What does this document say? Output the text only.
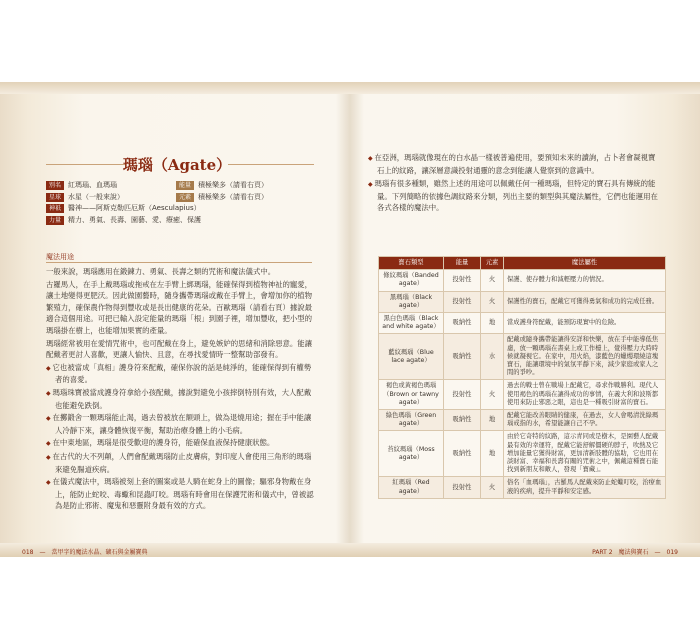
瑪瑙（Agate）
別名 紅瑪瑙、血瑪瑙	能量 積極樂多（請看右頁）
星球 水星（一般來說）	元素 積極樂多（請看右頁）
神祇 醫神——阿斯克勒匹厄斯（Aesculapius）
力量 精力、勇氣、長壽、園藝、愛、療癒、保護
魔法用途

一般來說，瑪瑙應用在鍛鍊力、勇氣、長壽之類的咒術和魔法儀式中。

古羅馬人，在手上戴瑪瑙或拖戒在左手臂上綁瑪瑙，能確保得到植物神祉的寵愛，讓土地變得更肥沃。因此做園藝時，隨身攜帶瑪瑙或戴在手臂上，會增加你的植物繁殖力，確保農作物得到豐收或是長出健康的花朵。百歐瑪瑙（請看右頁）據說最適合這個用途。可把已輸入設定能量的瑪瑙「根」到園子裡，增加豐收，把小型的瑪瑙掛在樹上，也能增加果實的產量。

瑪瑙經常被用在愛情咒術中，也可配戴在身上，避免嫉妒的思緒和消除惡意。能讓配戴者更討人喜歡，更讓人愉快、且意，在尋找愛情時一整幫助部發有。

◆ 它也被當成「真相」護身符來配戴，確保你說的話是純淨的，能確保得到有權勢者的喜愛。

◆ 瑪瑙珠寶被當成護身符拿給小孩配戴，據說對避免小孩摔倒特別有效，大人配戴也能避免跌倒。

◆ 在擲鍛舍一顆瑪瑙能止渴，過去曾被放在額頭上，做為退燒用途；握在手中能讓人冷靜下來，讓身體恢復平衡，幫助治療身體上的小毛病。

◆ 在中東地區，瑪瑙是很受歡迎的護身符，能確保血液保持健康狀態。

◆ 在古代的大不列顛，人們會配戴瑪瑙防止皮膚病，對印度人會使用三角形的瑪瑙來避免腸道疾病。

◆ 在儀式魔法中，瑪瑙被刻上套的圖案或是人騎在蛇身上的圖像；驅邪身物戴在身上，能防止蛇咬、毒蠍和昆蟲叮咬。瑪瑙有時會用在保護咒術和儀式中，曾被認為是防止邪術、魔鬼和惡靈附身最有效的方式。

018　—　當甲字的魔法水晶、礦石與金屬寶典

◆ 在亞洲，瑪瑙就像現在的白水晶一樣被普遍使用，要預知未來的讀詢，占卜者會凝視寶石上的紋路，讓深層意識投射通靈的意念到能讓人覺察到的意識中。

◆ 瑪瑙有很多種類，雖然上述的用途可以佩戴任何一種瑪瑙，但特定的寶石具有傳統的能量。下列簡略的依據色調紋路來分類，列出主要的類型與其魔法屬性，它們也能運用在各式各樣的魔法中。

寶石類型	能量	元素	魔法屬性
條紋瑪瑙（Banded agate）	投射性	火	保護、使存體力和減輕壓力的情況。
黑瑪瑙（Black agate）	投射性	火	保護性的寶石，配戴它可獲得勇氣和成功的完成任務。
黑白色瑪瑙（Black and white agate）	吸納性	地	當成護身符配戴，能預防現實中的危險。
藍紋瑪瑙（Blue lace agate）	吸納性	水	配戴或隨身攜帶能讓得安詳和快樂，放在手中能導低焦慮，放一顆瑪瑙在書桌上或工作檯上，覺得壓力大時時候就凝視它。在家中，用火焰，漆藍色的蠟燭環繞這塊寶石，能讓環境中的氣氛平靜下來，減少家庭或家人之間的爭吵。
褐色或黃褐色瑪瑙（Brown or tawny agate）	投射性	火	過去的戰士曾在戰場上配戴它，尋求作戰勝利。現代人使用褐色的瑪瑙在讓得成功的事情，在義大利和波斯都使用來防止邪惡之眼，這也是一種吸引財富的寶石。
綠色瑪瑙（Green agate）	吸納性	地	配戴它能改善眼睛的健康，在過去，女人會喝清洗綠瑪瑙戒指的水，希望能讓自己不孕。
苔紋瑪瑙（Moss agate）	吸納性	地	由於它奇特的紋路，這示青同或是樹木，是園藝人配戴最有效的幸運符，配戴它能舒解僵硬的脖子，吹熱及它增加能量它獲得財富，更加清新肢體的協助，它也用在談財富、幸福和長壽有關的咒術之中，佩戴這種寶石能找到新朋友和敵人，發現「寶藏」。
紅瑪瑙（Red agate）	投射性	火	俗名「血瑪瑙」，古羅馬人配戴來防止蛇蠍叮咬，治療血液的疾病，提升平靜和安定感。
PART 2　魔法與寶石　—　019
